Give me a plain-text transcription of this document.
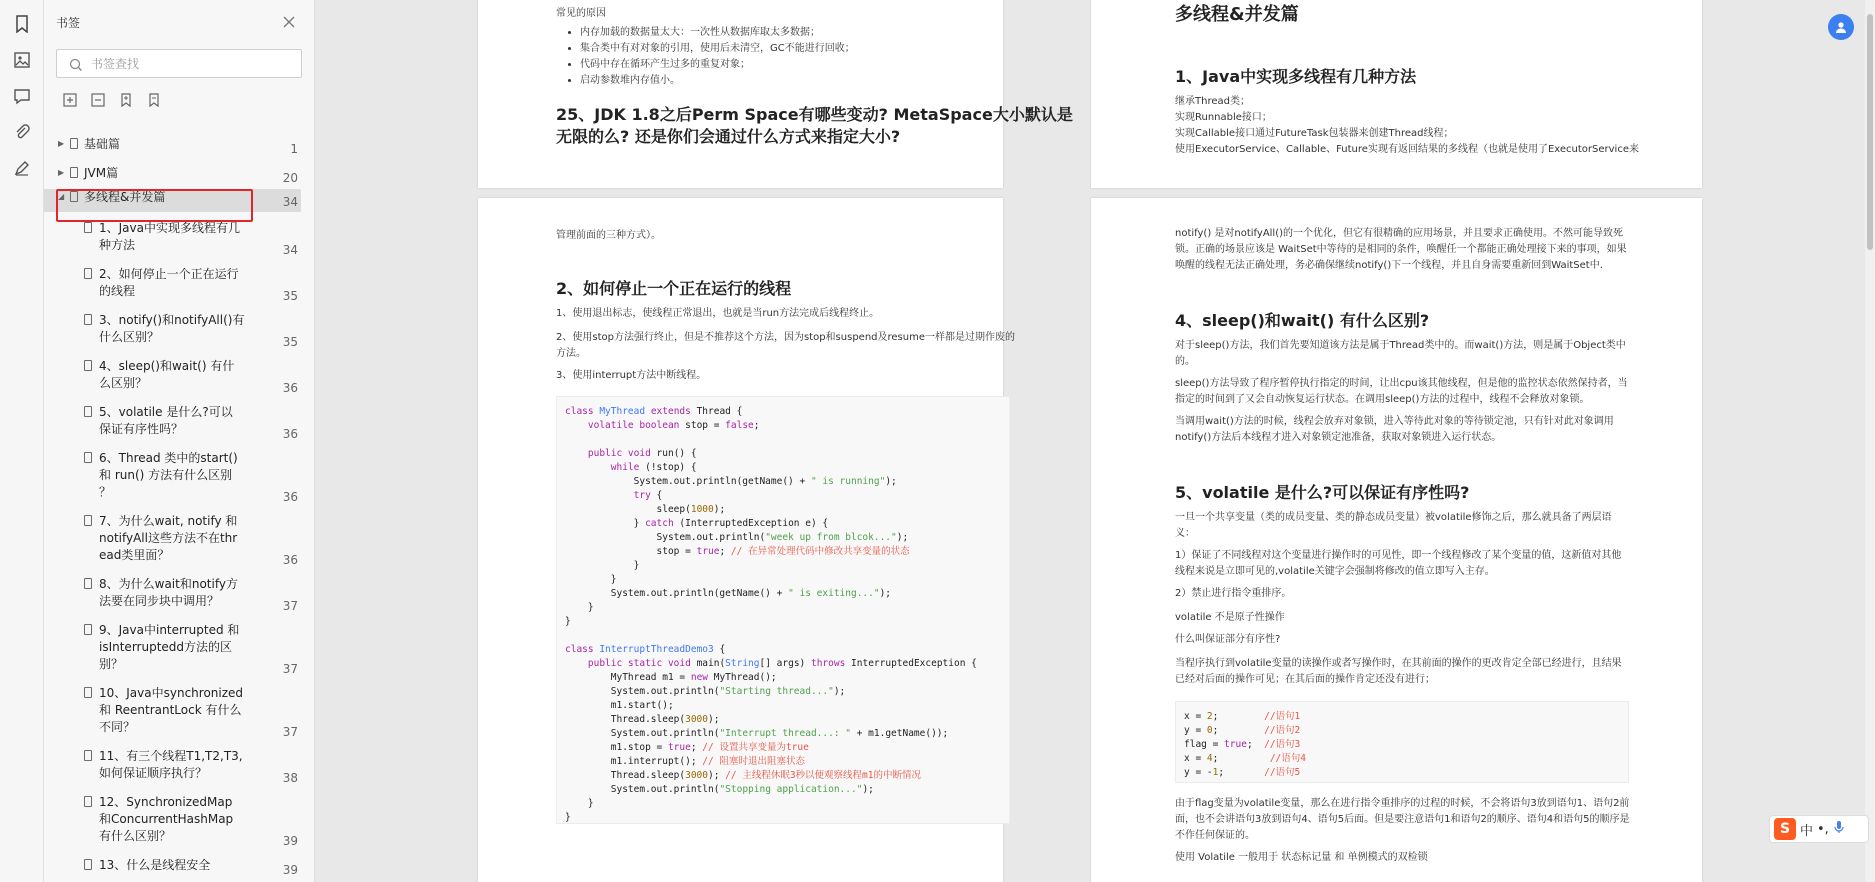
书签
书签查找
▶ 基础篇	1
▶ JVM篇	20
◢ 多线程&并发篇	34
1、Java中实现多线程有几
种方法	34
2、如何停止一个正在运行
的线程	35
3、notify()和notifyAll()有
什么区别？	35
4、sleep()和wait() 有什
么区别？	36
5、volatile 是什么?可以
保证有序性吗？	36
6、Thread 类中的start()
和 run() 方法有什么区别
？	36
7、为什么wait, notify 和
notifyAll这些方法不在thr
ead类里面？	36
8、为什么wait和notify方
法要在同步块中调用？	37
9、Java中interrupted 和
isInterruptedd方法的区
别？	37
10、Java中synchronized
和 ReentrantLock 有什么
不同？	37
11、有三个线程T1,T2,T3,
如何保证顺序执行？	38
12、SynchronizedMap
和ConcurrentHashMap
有什么区别？	39
13、什么是线程安全	39
常见的原因
• 内存加载的数据量太大：一次性从数据库取太多数据；
• 集合类中有对对象的引用，使用后未清空，GC不能进行回收；
• 代码中存在循环产生过多的重复对象；
• 启动参数堆内存值小。
25、JDK 1.8之后Perm Space有哪些变动? MetaSpace大小默认是
无限的么? 还是你们会通过什么方式来指定大小?
多线程&并发篇
1、Java中实现多线程有几种方法
继承Thread类；
实现Runnable接口；
实现Callable接口通过FutureTask包装器来创建Thread线程；
使用ExecutorService、Callable、Future实现有返回结果的多线程（也就是使用了ExecutorService来
管理前面的三种方式）。
2、如何停止一个正在运行的线程
1、使用退出标志，使线程正常退出，也就是当run方法完成后线程终止。
2、使用stop方法强行终止，但是不推荐这个方法，因为stop和suspend及resume一样都是过期作废的
方法。
3、使用interrupt方法中断线程。
class MyThread extends Thread {
volatile boolean stop = false;

public void run() {
while (!stop) {
System.out.println(getName() + " is running");
try {
sleep(1000);
} catch (InterruptedException e) {
System.out.println("week up from blcok...");
stop = true; // 在异常处理代码中修改共享变量的状态
}
}
System.out.println(getName() + " is exiting...");
}
}

class InterruptThreadDemo3 {
public static void main(String[] args) throws InterruptedException {
MyThread m1 = new MyThread();
System.out.println("Starting thread...");
m1.start();
Thread.sleep(3000);
System.out.println("Interrupt thread...: " + m1.getName());
m1.stop = true; // 设置共享变量为true
m1.interrupt(); // 阻塞时退出阻塞状态
Thread.sleep(3000); // 主线程休眠3秒以便观察线程m1的中断情况
System.out.println("Stopping application...");
}
}
notify() 是对notifyAll()的一个优化，但它有很精确的应用场景，并且要求正确使用。不然可能导致死
锁。正确的场景应该是 WaitSet中等待的是相同的条件，唤醒任一个都能正确处理接下来的事项，如果
唤醒的线程无法正确处理，务必确保继续notify()下一个线程，并且自身需要重新回到WaitSet中.
4、sleep()和wait() 有什么区别?
对于sleep()方法，我们首先要知道该方法是属于Thread类中的。而wait()方法，则是属于Object类中
的。
sleep()方法导致了程序暂停执行指定的时间，让出cpu该其他线程，但是他的监控状态依然保持者，当
指定的时间到了又会自动恢复运行状态。在调用sleep()方法的过程中，线程不会释放对象锁。
当调用wait()方法的时候，线程会放弃对象锁，进入等待此对象的等待锁定池，只有针对此对象调用
notify()方法后本线程才进入对象锁定池准备，获取对象锁进入运行状态。
5、volatile 是什么?可以保证有序性吗?
一旦一个共享变量（类的成员变量、类的静态成员变量）被volatile修饰之后，那么就具备了两层语
义：
1）保证了不同线程对这个变量进行操作时的可见性，即一个线程修改了某个变量的值，这新值对其他
线程来说是立即可见的,volatile关键字会强制将修改的值立即写入主存。
2）禁止进行指令重排序。
volatile 不是原子性操作
什么叫保证部分有序性?
当程序执行到volatile变量的读操作或者写操作时，在其前面的操作的更改肯定全部已经进行，且结果
已经对后面的操作可见；在其后面的操作肯定还没有进行；
x = 2;        //语句1
y = 0;        //语句2
flag = true;  //语句3
x = 4;         //语句4
y = -1;       //语句5
由于flag变量为volatile变量，那么在进行指令重排序的过程的时候，不会将语句3放到语句1、语句2前
面，也不会讲语句3放到语句4、语句5后面。但是要注意语句1和语句2的顺序、语句4和语句5的顺序是
不作任何保证的。
使用 Volatile 一般用于 状态标记量 和 单例模式的双检锁
S 中 •,
